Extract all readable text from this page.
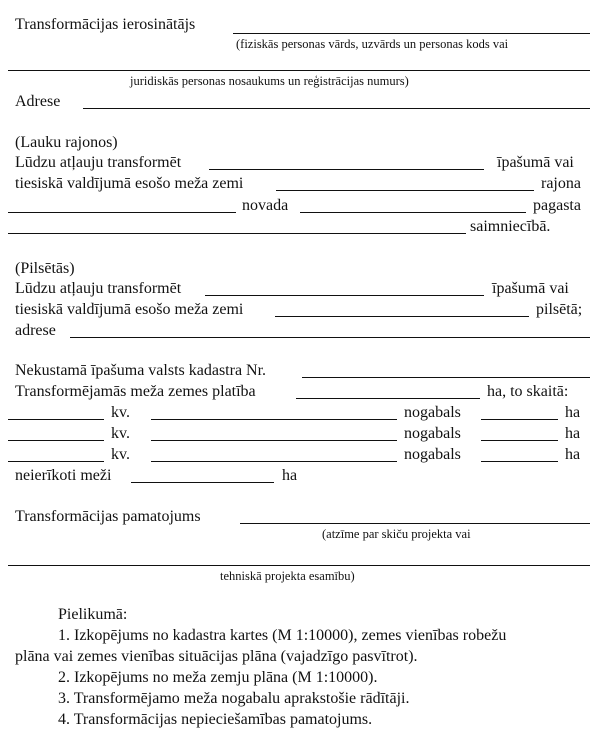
Transformācijas ierosinātājs
(fiziskās personas vārds, uzvārds un personas kods vai
juridiskās personas nosaukums un reģistrācijas numurs)
Adrese
(Lauku rajonos)
Lūdzu atļauju transformēt	īpašumā vai
tiesiskā valdījumā esošo meža zemi	rajona
novada	pagasta
saimniecībā.
(Pilsētās)
Lūdzu atļauju transformēt	īpašumā vai
tiesiskā valdījumā esošo meža zemi	pilsētā;
adrese
Nekustamā īpašuma valsts kadastra Nr.
Transformējamās meža zemes platība	ha, to skaitā:
kv.	nogabals	ha
kv.	nogabals	ha
kv.	nogabals	ha
neierīkoti meži	ha
Transformācijas pamatojums
(atzīme par skiču projekta vai
tehniskā projekta esamību)
Pielikumā:
1. Izkopējums no kadastra kartes (M 1:10000), zemes vienības robežu
plāna vai zemes vienības situācijas plāna (vajadzīgo pasvītrot).
2. Izkopējums no meža zemju plāna (M 1:10000).
3. Transformējamo meža nogabalu aprakstošie rādītāji.
4. Transformācijas nepieciešamības pamatojums.
